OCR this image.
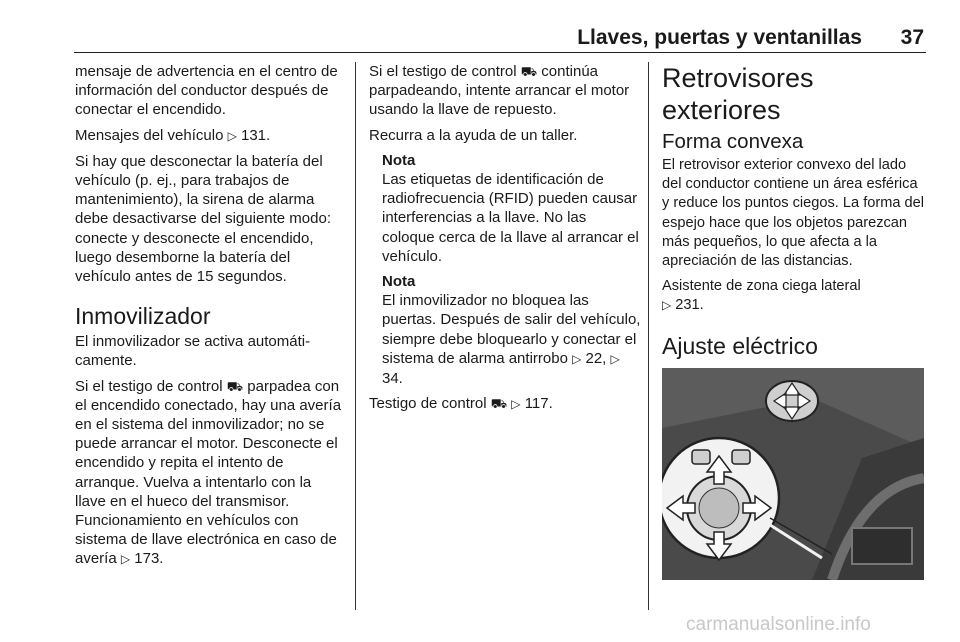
Llaves, puertas y ventanillas 37

mensaje de advertencia en el centro de información del conductor después de conectar el encendido.

Mensajes del vehículo ▷ 131.

Si hay que desconectar la batería del vehículo (p. ej., para trabajos de mantenimiento), la sirena de alarma debe desactivarse del siguiente modo: conecte y desconecte el encendido, luego desemborne la batería del vehículo antes de 15 segundos.

Inmovilizador

El inmovilizador se activa automáticamente.

Si el testigo de control ⛟ parpadea con el encendido conectado, hay una avería en el sistema del inmovilizador; no se puede arrancar el motor. Desconecte el encendido y repita el intento de arranque. Vuelva a intentarlo con la llave en el hueco del transmisor. Funcionamiento en vehículos con sistema de llave electrónica en caso de avería ▷ 173.

Si el testigo de control ⛟ continúa parpadeando, intente arrancar el motor usando la llave de repuesto.

Recurra a la ayuda de un taller.

Nota
Las etiquetas de identificación de radiofrecuencia (RFID) pueden causar interferencias a la llave. No las coloque cerca de la llave al arrancar el vehículo.

Nota
El inmovilizador no bloquea las puertas. Después de salir del vehículo, siempre debe bloquearlo y conectar el sistema de alarma antirrobo ▷ 22, ▷ 34.

Testigo de control ⛟ ▷ 117.

Retrovisores exteriores
Forma convexa

El retrovisor exterior convexo del lado del conductor contiene un área esférica y reduce los puntos ciegos. La forma del espejo hace que los objetos parezcan más pequeños, lo que afecta a la apreciación de las distancias.

Asistente de zona ciega lateral
▷ 231.

Ajuste eléctrico
carmanualsonline.info
